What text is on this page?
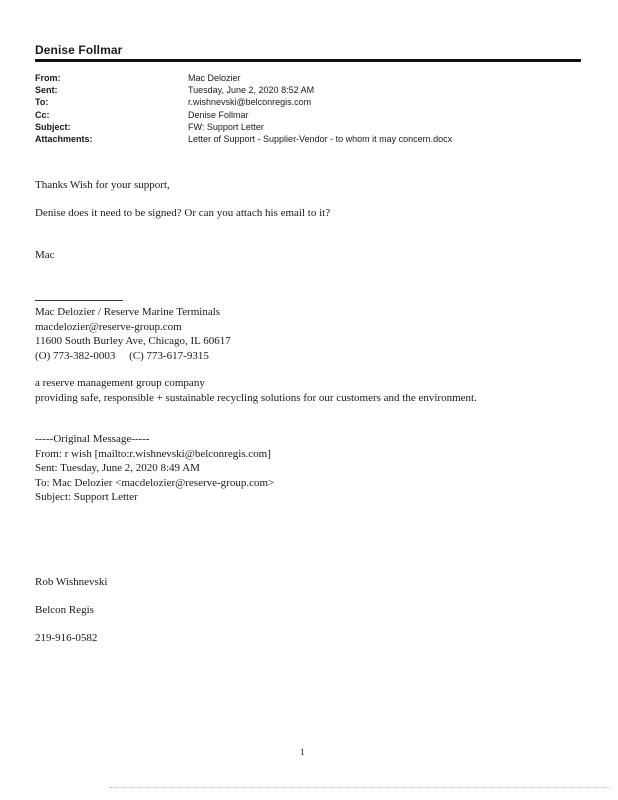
Denise Follmar
From:	Mac Delozier
Sent:	Tuesday, June 2, 2020 8:52 AM
To:	r.wishnevski@belconregis.com
Cc:	Denise Follmar
Subject:	FW: Support Letter
Attachments:	Letter of Support - Supplier-Vendor - to whom it may concern.docx
Thanks Wish for your support,
Denise does it need to be signed? Or can you attach his email to it?
Mac
Mac Delozier / Reserve Marine Terminals
macdelozier@reserve-group.com
11600 South Burley Ave, Chicago, IL 60617
(O) 773-382-0003     (C) 773-617-9315
a reserve management group company
providing safe, responsible + sustainable recycling solutions for our customers and the environment.
-----Original Message-----
From: r wish [mailto:r.wishnevski@belconregis.com]
Sent: Tuesday, June 2, 2020 8:49 AM
To: Mac Delozier <macdelozier@reserve-group.com>
Subject: Support Letter
Rob Wishnevski
Belcon Regis
219-916-0582
1
